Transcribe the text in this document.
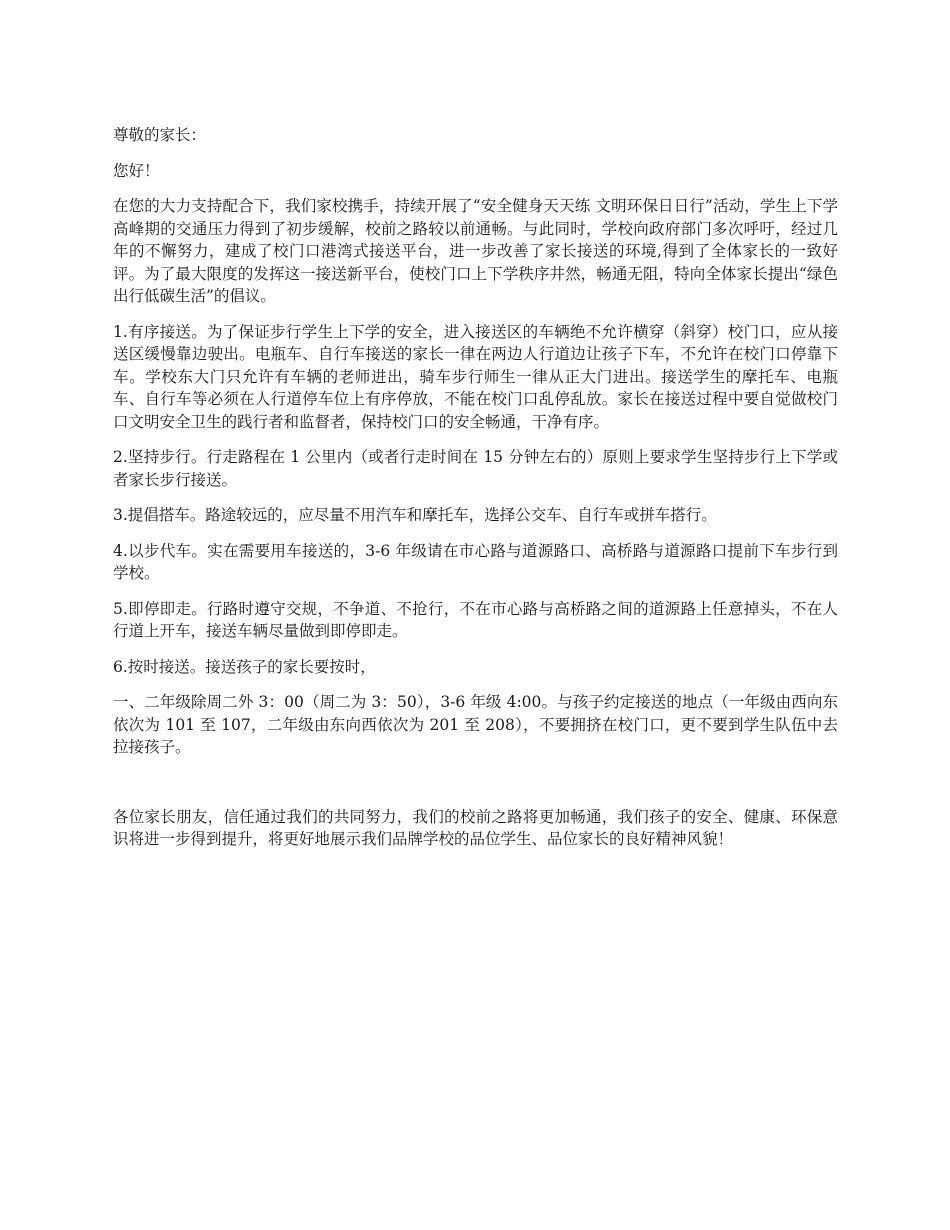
尊敬的家长：

您好！

在您的大力支持配合下，我们家校携手，持续开展了“安全健身天天练 文明环保日日行”活动，学生上下学高峰期的交通压力得到了初步缓解，校前之路较以前通畅。与此同时，学校向政府部门多次呼吁，经过几年的不懈努力，建成了校门口港湾式接送平台，进一步改善了家长接送的环境,得到了全体家长的一致好评。为了最大限度的发挥这一接送新平台，使校门口上下学秩序井然，畅通无阻，特向全体家长提出“绿色出行低碳生活”的倡议。

1.有序接送。为了保证步行学生上下学的安全，进入接送区的车辆绝不允许横穿（斜穿）校门口，应从接送区缓慢靠边驶出。电瓶车、自行车接送的家长一律在两边人行道边让孩子下车，不允许在校门口停靠下车。学校东大门只允许有车辆的老师进出，骑车步行师生一律从正大门进出。接送学生的摩托车、电瓶车、自行车等必须在人行道停车位上有序停放，不能在校门口乱停乱放。家长在接送过程中要自觉做校门口文明安全卫生的践行者和监督者，保持校门口的安全畅通，干净有序。

2.坚持步行。行走路程在 1 公里内（或者行走时间在 15 分钟左右的）原则上要求学生坚持步行上下学或者家长步行接送。

3.提倡搭车。路途较远的，应尽量不用汽车和摩托车，选择公交车、自行车或拼车搭行。

4.以步代车。实在需要用车接送的，3-6 年级请在市心路与道源路口、高桥路与道源路口提前下车步行到学校。

5.即停即走。行路时遵守交规，不争道、不抢行，不在市心路与高桥路之间的道源路上任意掉头，不在人行道上开车，接送车辆尽量做到即停即走。

6.按时接送。接送孩子的家长要按时，

一、二年级除周二外 3：00（周二为 3：50），3-6 年级 4:00。与孩子约定接送的地点（一年级由西向东依次为 101 至 107，二年级由东向西依次为 201 至 208），不要拥挤在校门口，更不要到学生队伍中去拉接孩子。

各位家长朋友，信任通过我们的共同努力，我们的校前之路将更加畅通，我们孩子的安全、健康、环保意识将进一步得到提升，将更好地展示我们品牌学校的品位学生、品位家长的良好精神风貌！
